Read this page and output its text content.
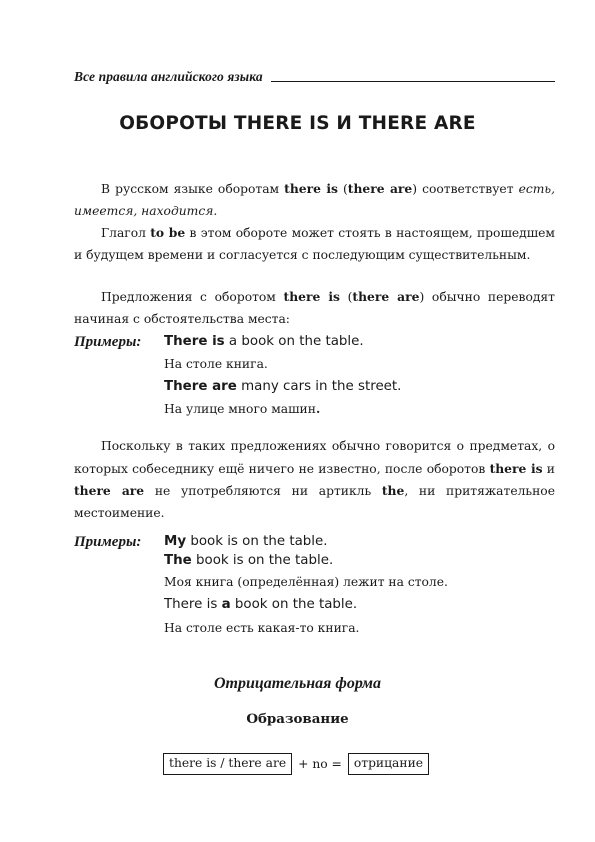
Все правила английского языка
ОБОРОТЫ THERE IS И THERE ARE
В русском языке оборотам there is (there are) соответствует есть, имеется, находится.
Глагол to be в этом обороте может стоять в настоящем, прошедшем и будущем времени и согласуется с последующим существительным.
Предложения с оборотом there is (there are) обычно переводят начиная с обстоятельства места:
Примеры: There is a book on the table.
На столе книга.
There are many cars in the street.
На улице много машин.
Поскольку в таких предложениях обычно говорится о предметах, о которых собеседнику ещё ничего не известно, после оборотов there is и there are не употребляются ни артикль the, ни притяжательное местоимение.
Примеры: My book is on the table.
The book is on the table.
Моя книга (определённая) лежит на столе.
There is a book on the table.
На столе есть какая-то книга.
Отрицательная форма
Образование
there is / there are + no = отрицание
